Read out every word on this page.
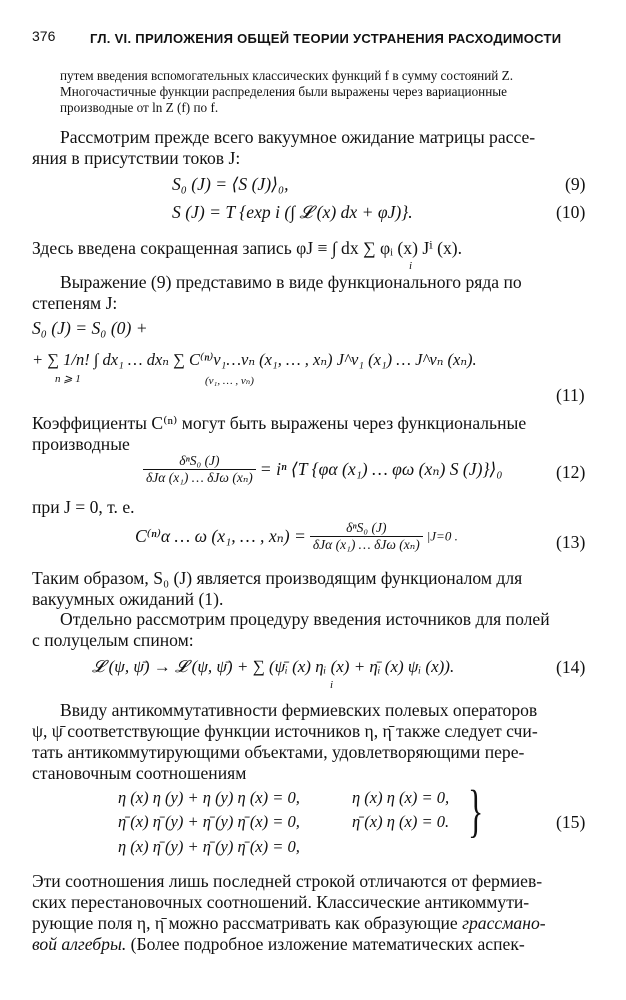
376	ГЛ. VI. ПРИЛОЖЕНИЯ ОБЩЕЙ ТЕОРИИ УСТРАНЕНИЯ РАСХОДИМОСТИ
путем введения вспомогательных классических функций f в сумму состояний Z.
Многочастичные функции распределения были выражены через вариационные
производные от ln Z (f) по f.
Рассмотрим прежде всего вакуумное ожидание матрицы рассе-
яния в присутствии токов J:
S₀ (J) = ⟨S (J)⟩₀,	(9)
S (J) = T {exp i (∫ 𝓛 (x) dx + φJ)}.	(10)
Здесь введена сокращенная запись φJ ≡ ∫ dx ∑ φᵢ (x) Jⁱ (x).
i
Выражение (9) представимо в виде функционального ряда по
степеням J:
S₀ (J) = S₀ (0) +
+ ∑ 1/n! ∫ dx₁ … dxₙ ∑ C⁽ⁿ⁾ν₁…νₙ (x₁, … , xₙ) J^ν₁ (x₁) … J^νₙ (xₙ).
n ⩾ 1	(ν₁, … , νₙ)
(11)
Коэффициенты C⁽ⁿ⁾ могут быть выражены через функциональные
производные
$\frac{\text{δⁿS₀ (J)}}{\text{δJα (x₁) … δJω (xₙ)}} = i^n$ ⟨T {φα (x₁) … φω (xₙ) S (J)}⟩₀	(12)
при J = 0, т. е.
C⁽ⁿ⁾α … ω (x₁, … , $x_n) = \frac{\text{δⁿS₀ (J)}}{\text{δJα (x₁) … δJω (xₙ)}} |J=0$ .	(13)
Таким образом, S₀ (J) является производящим функционалом для
вакуумных ожиданий (1).
Отдельно рассмотрим процедуру введения источников для полей
с полуцелым спином:
𝓛 (ψ, ψ̄) → 𝓛 (ψ, ψ̄) + ∑ (ψ̄ᵢ (x) ηᵢ (x) + η̄ᵢ (x) ψᵢ (x)).
i
(14)
Ввиду антикоммутативности фермиевских полевых операторов
ψ, ψ̄ соответствующие функции источников η, η̄ также следует счи-
тать антикоммутирующими объектами, удовлетворяющими пере-
становочным соотношениям
η (x) η (y) + η (y) η (x) = 0,	η (x) η (x) = 0,
η̄ (x) η̄ (y) + η̄ (y) η̄ (x) = 0,	η̄ (x) η (x) = 0.
η (x) η̄ (y) + η̄ (y) η̄ (x) = 0,
}	(15)
Эти соотношения лишь последней строкой отличаются от фермиев-
ских перестановочных соотношений. Классические антикоммути-
рующие поля η, η̄ можно рассматривать как образующие грассмано-
вой алгебры. (Более подробное изложение математических аспек-
